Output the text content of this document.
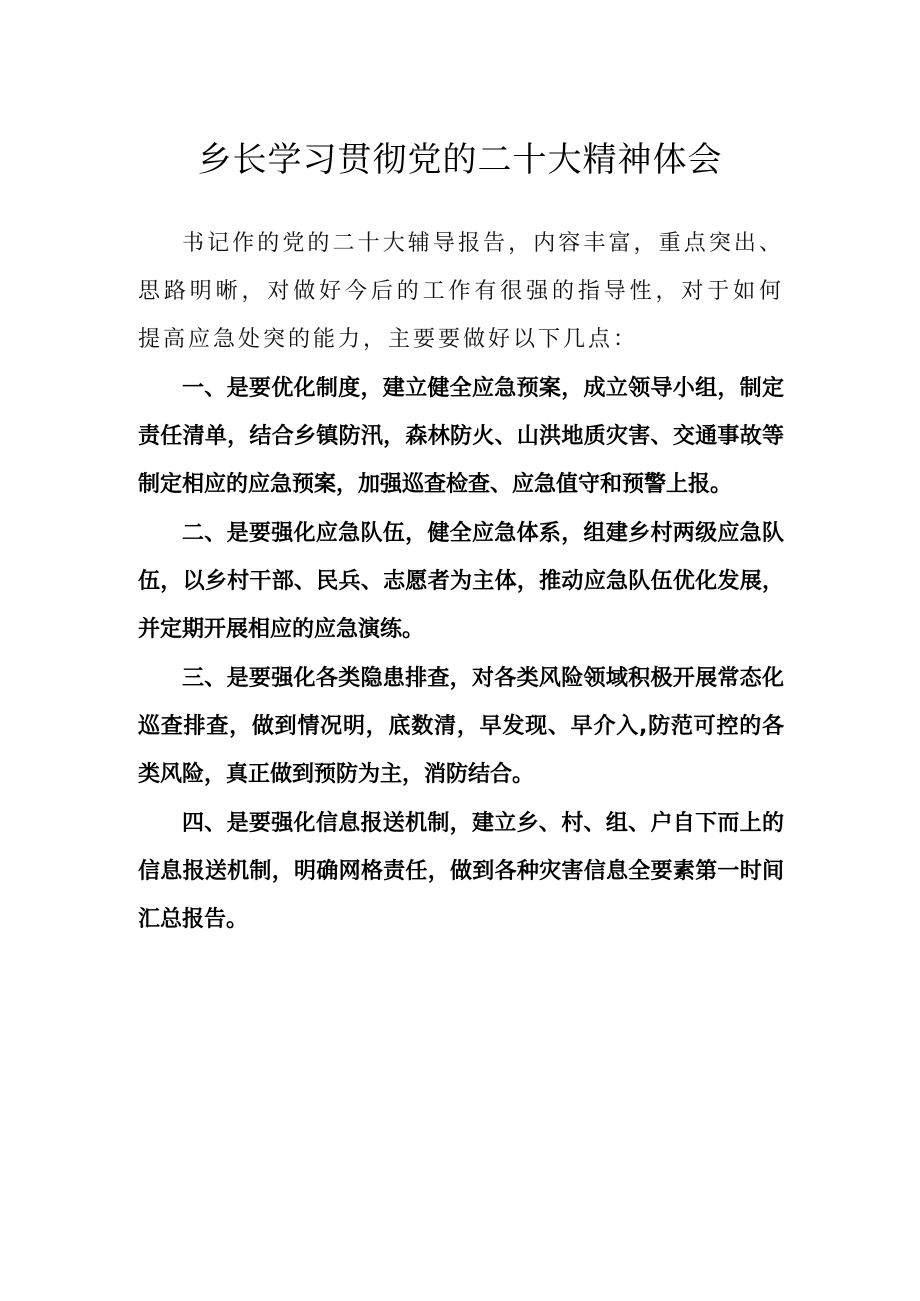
乡长学习贯彻党的二十大精神体会

书记作的党的二十大辅导报告，内容丰富，重点突出、思路明晰，对做好今后的工作有很强的指导性，对于如何提高应急处突的能力，主要要做好以下几点：

一、是要优化制度，建立健全应急预案，成立领导小组，制定责任清单，结合乡镇防汛，森林防火、山洪地质灾害、交通事故等制定相应的应急预案，加强巡查检查、应急值守和预警上报。

二、是要强化应急队伍，健全应急体系，组建乡村两级应急队伍，以乡村干部、民兵、志愿者为主体，推动应急队伍优化发展，并定期开展相应的应急演练。

三、是要强化各类隐患排查，对各类风险领域积极开展常态化巡查排查，做到情况明，底数清，早发现、早介入,防范可控的各类风险，真正做到预防为主，消防结合。

四、是要强化信息报送机制，建立乡、村、组、户自下而上的信息报送机制，明确网格责任，做到各种灾害信息全要素第一时间汇总报告。
